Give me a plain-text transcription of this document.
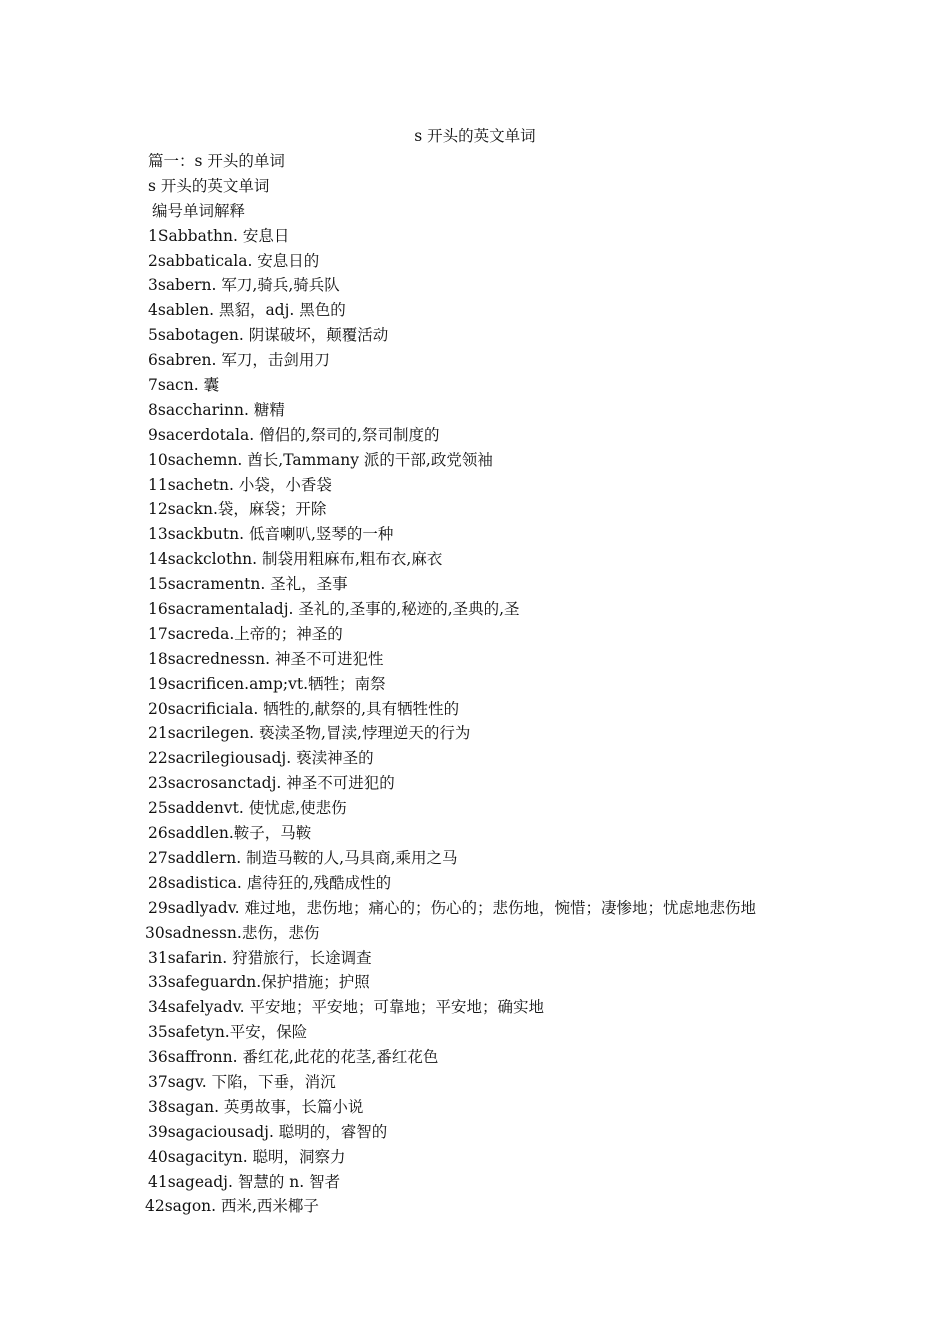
s 开头的英文单词
篇一：s 开头的单词
s 开头的英文单词
编号单词解释
1Sabbathn. 安息日
2sabbaticala. 安息日的
3sabern. 军刀,骑兵,骑兵队
4sablen. 黑貂，adj. 黑色的
5sabotagen. 阴谋破坏，颠覆活动
6sabren. 军刀，击剑用刀
7sacn. 囊
8saccharinn. 糖精
9sacerdotala. 僧侣的,祭司的,祭司制度的
10sachemn. 酋长,Tammany 派的干部,政党领袖
11sachetn. 小袋，小香袋
12sackn.袋，麻袋；开除
13sackbutn. 低音喇叭,竖琴的一种
14sackclothn. 制袋用粗麻布,粗布衣,麻衣
15sacramentn. 圣礼，圣事
16sacramentaladj. 圣礼的,圣事的,秘迹的,圣典的,圣
17sacreda.上帝的；神圣的
18sacrednessn. 神圣不可进犯性
19sacrificen.amp;vt.牺牲；南祭
20sacrificiala. 牺牲的,献祭的,具有牺牲性的
21sacrilegen. 亵渎圣物,冒渎,悖理逆天的行为
22sacrilegiousadj. 亵渎神圣的
23sacrosanctadj. 神圣不可进犯的
25saddenvt. 使忧虑,使悲伤
26saddlen.鞍子，马鞍
27saddlern. 制造马鞍的人,马具商,乘用之马
28sadistica. 虐待狂的,残酷成性的
29sadlyadv. 难过地，悲伤地；痛心的；伤心的；悲伤地，惋惜；凄惨地；忧虑地悲伤地
30sadnessn.悲伤，悲伤
31safarin. 狩猎旅行，长途调查
33safeguardn.保护措施；护照
34safelyadv. 平安地；平安地；可靠地；平安地；确实地
35safetyn.平安，保险
36saffronn. 番红花,此花的花茎,番红花色
37sagv. 下陷，下垂，消沉
38sagan. 英勇故事，长篇小说
39sagaciousadj. 聪明的，睿智的
40sagacityn. 聪明，洞察力
41sageadj. 智慧的 n. 智者
42sagon. 西米,西米椰子
